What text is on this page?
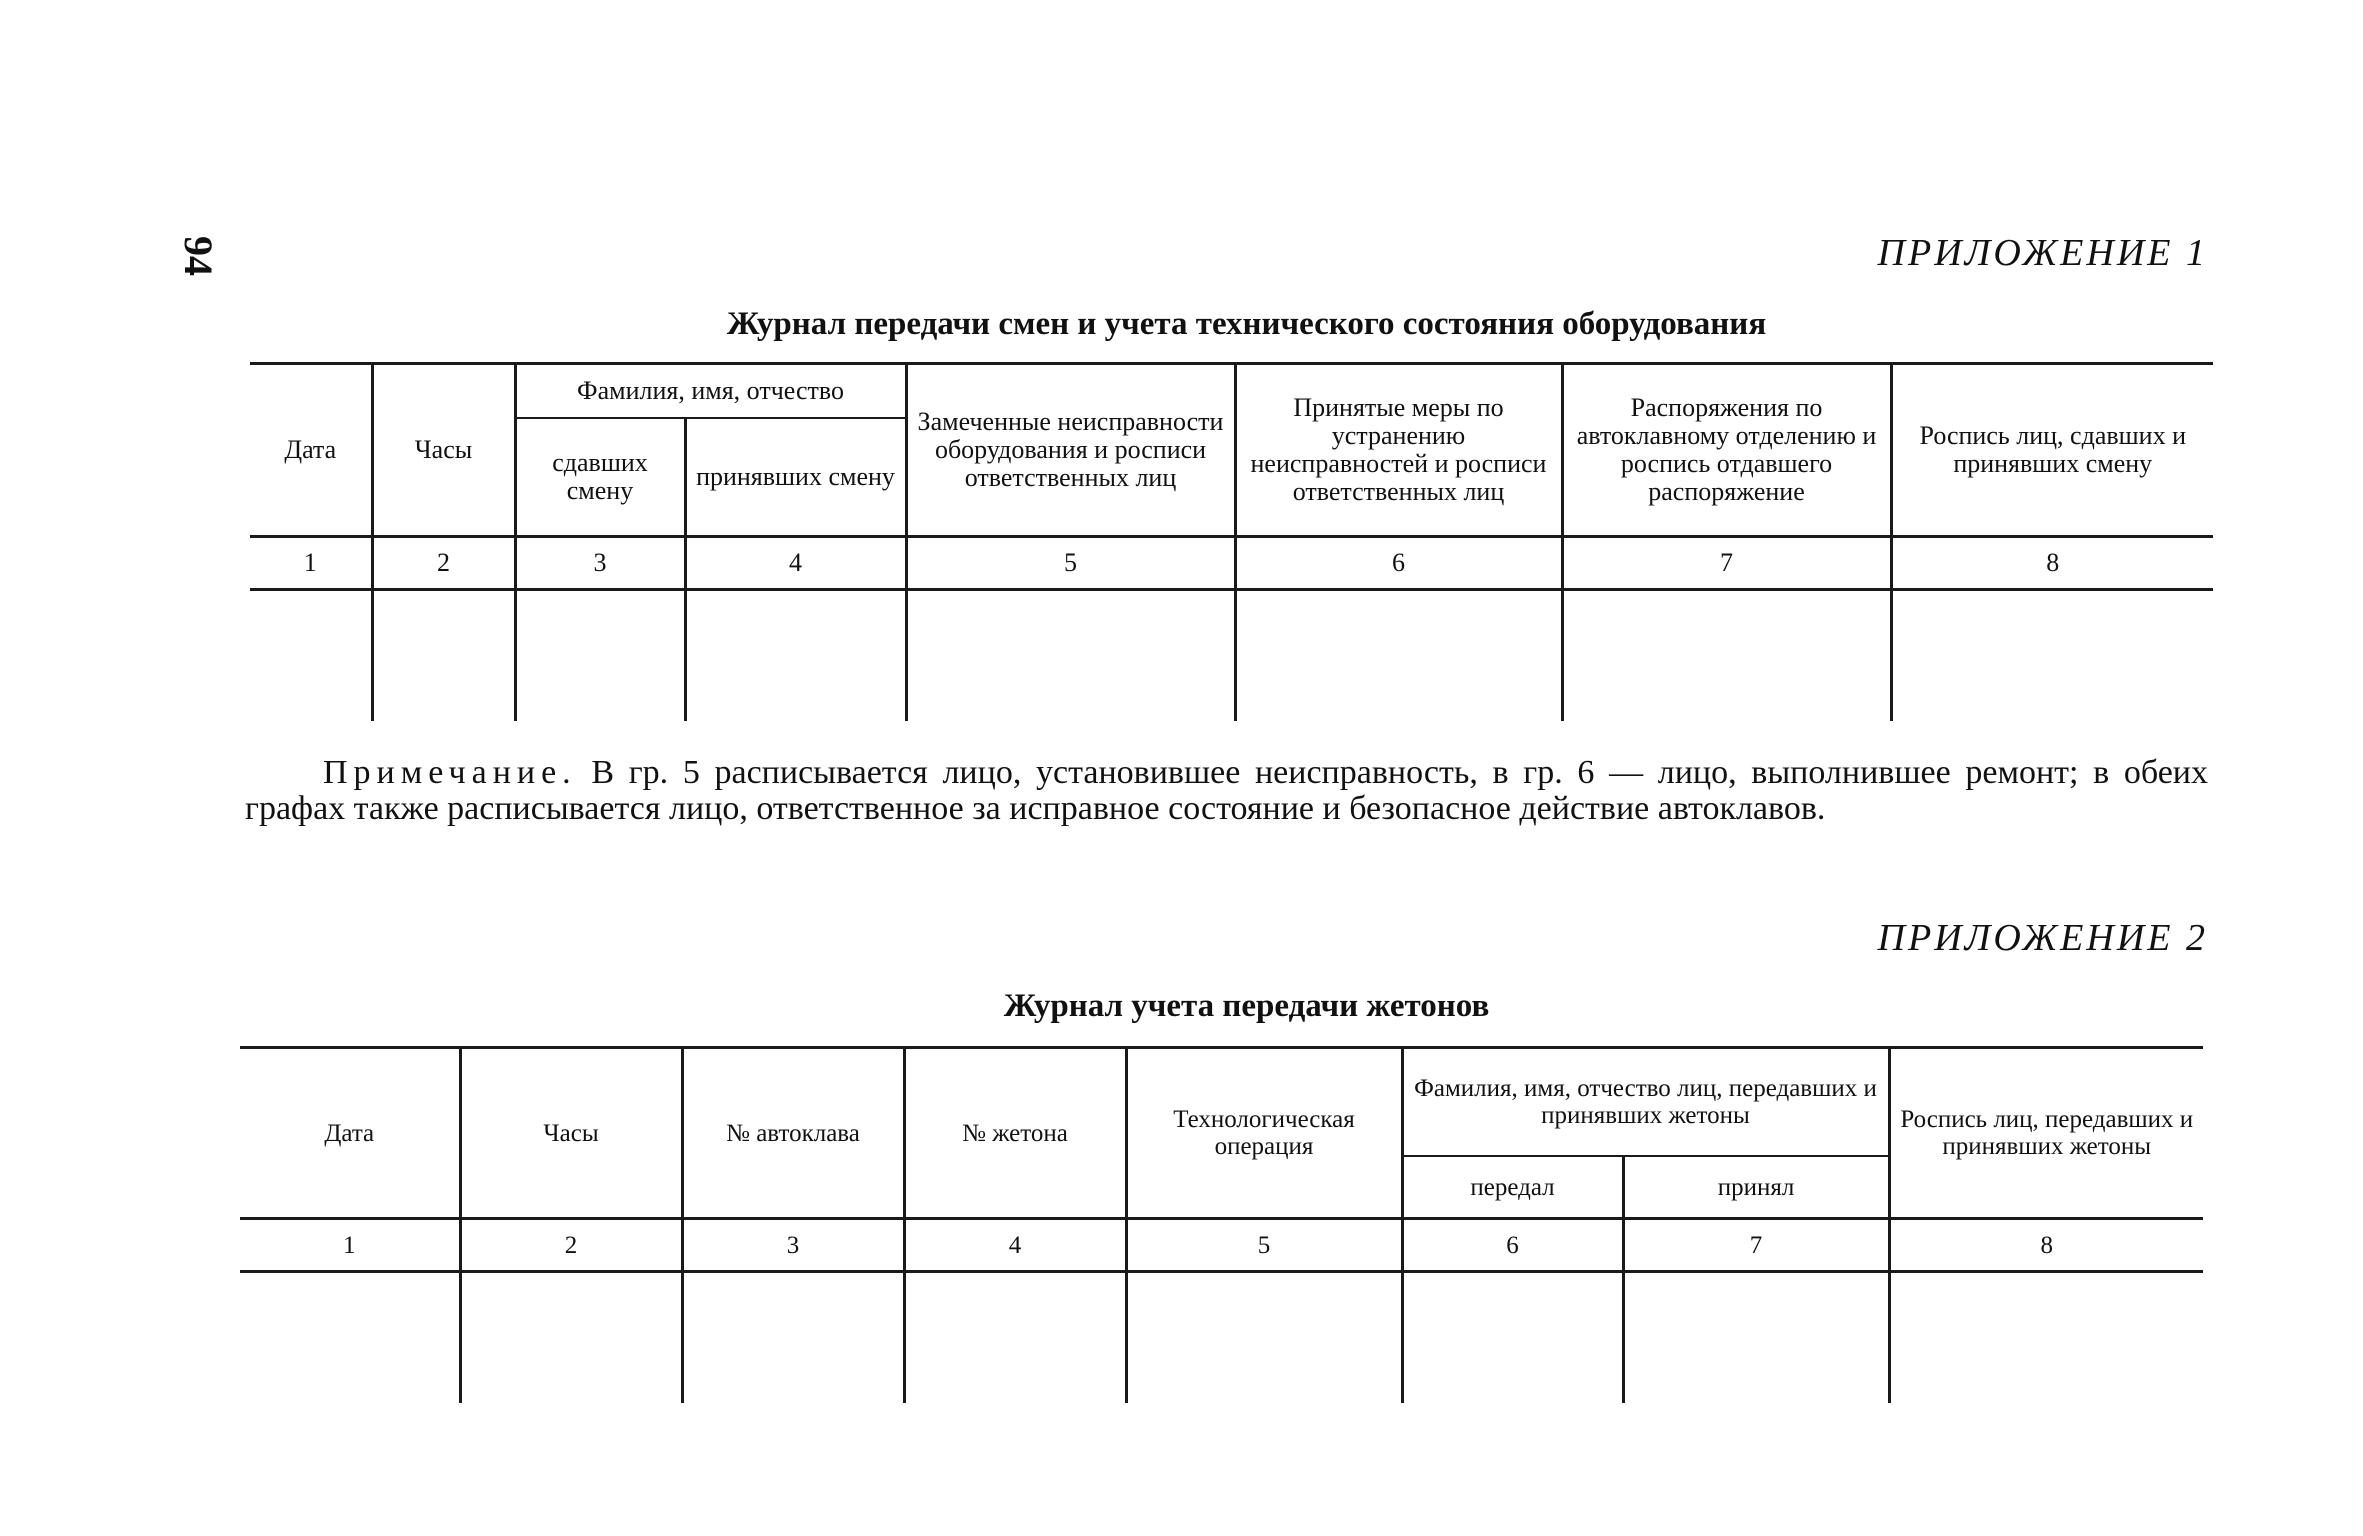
94	ПРИЛОЖЕНИЕ 1
Журнал передачи смен и учета технического состояния оборудования
Дата	Часы	Фамилия, имя, отчество		Замеченные неисправности оборудования и росписи ответственных лиц	Принятые меры по устранению неисправностей и росписи ответственных лиц	Распоряжения по автоклавному отделению и роспись отдавшего распоряжение	Роспись лиц, сдавших и принявших смену
		сдавших смену	принявших смену				
1	2	3	4	5	6	7	8

Примечание. В гр. 5 расписывается лицо, установившее неисправность, в гр. 6 — лицо, выполнившее ремонт; в обеих графах также расписывается лицо, ответственное за исправное состояние и безопасное действие автоклавов.
ПРИЛОЖЕНИЕ 2
Журнал учета передачи жетонов
Дата	Часы	№ автоклава	№ жетона	Технологическая операция	Фамилия, имя, отчество лиц, передавших и принявших жетоны		Роспись лиц, передавших и принявших жетоны
					передал	принял	
1	2	3	4	5	6	7	8
